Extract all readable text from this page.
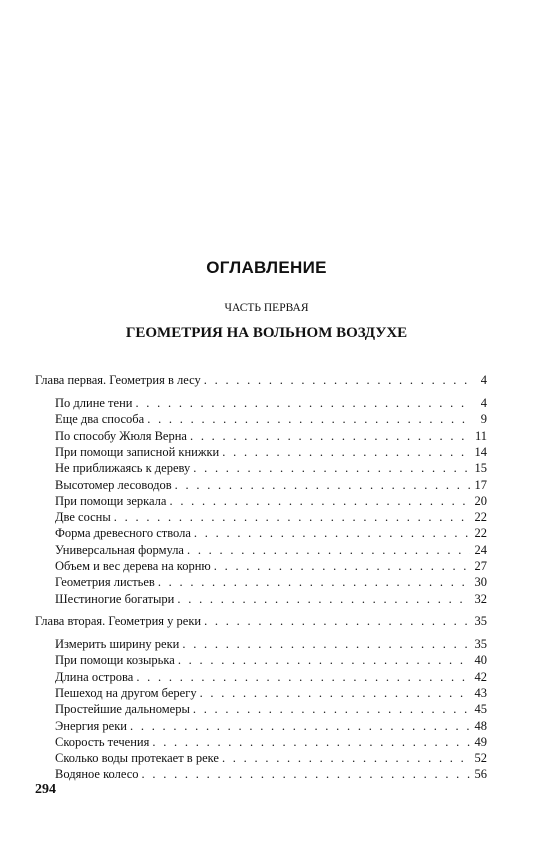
ОГЛАВЛЕНИЕ
ЧАСТЬ ПЕРВАЯ
ГЕОМЕТРИЯ НА ВОЛЬНОМ ВОЗДУХЕ
Глава первая. Геометрия в лесу . . .	4
По длине тени . . .	4
Еще два способа . . .	9
По способу Жюля Верна . . .	11
При помощи записной книжки . . .	14
Не приближаясь к дереву . . .	15
Высотомер лесоводов . . .	17
При помощи зеркала . . .	20
Две сосны . . .	22
Форма древесного ствола . . .	22
Универсальная формула . . .	24
Объем и вес дерева на корню . . .	27
Геометрия листьев . . .	30
Шестиногие богатыри . . .	32
Глава вторая. Геометрия у реки . . .	35
Измерить ширину реки . . .	35
При помощи козырька . . .	40
Длина острова . . .	42
Пешеход на другом берегу . . .	43
Простейшие дальномеры . . .	45
Энергия реки . . .	48
Скорость течения . . .	49
Сколько воды протекает в реке . . .	52
Водяное колесо . . .	56
294
